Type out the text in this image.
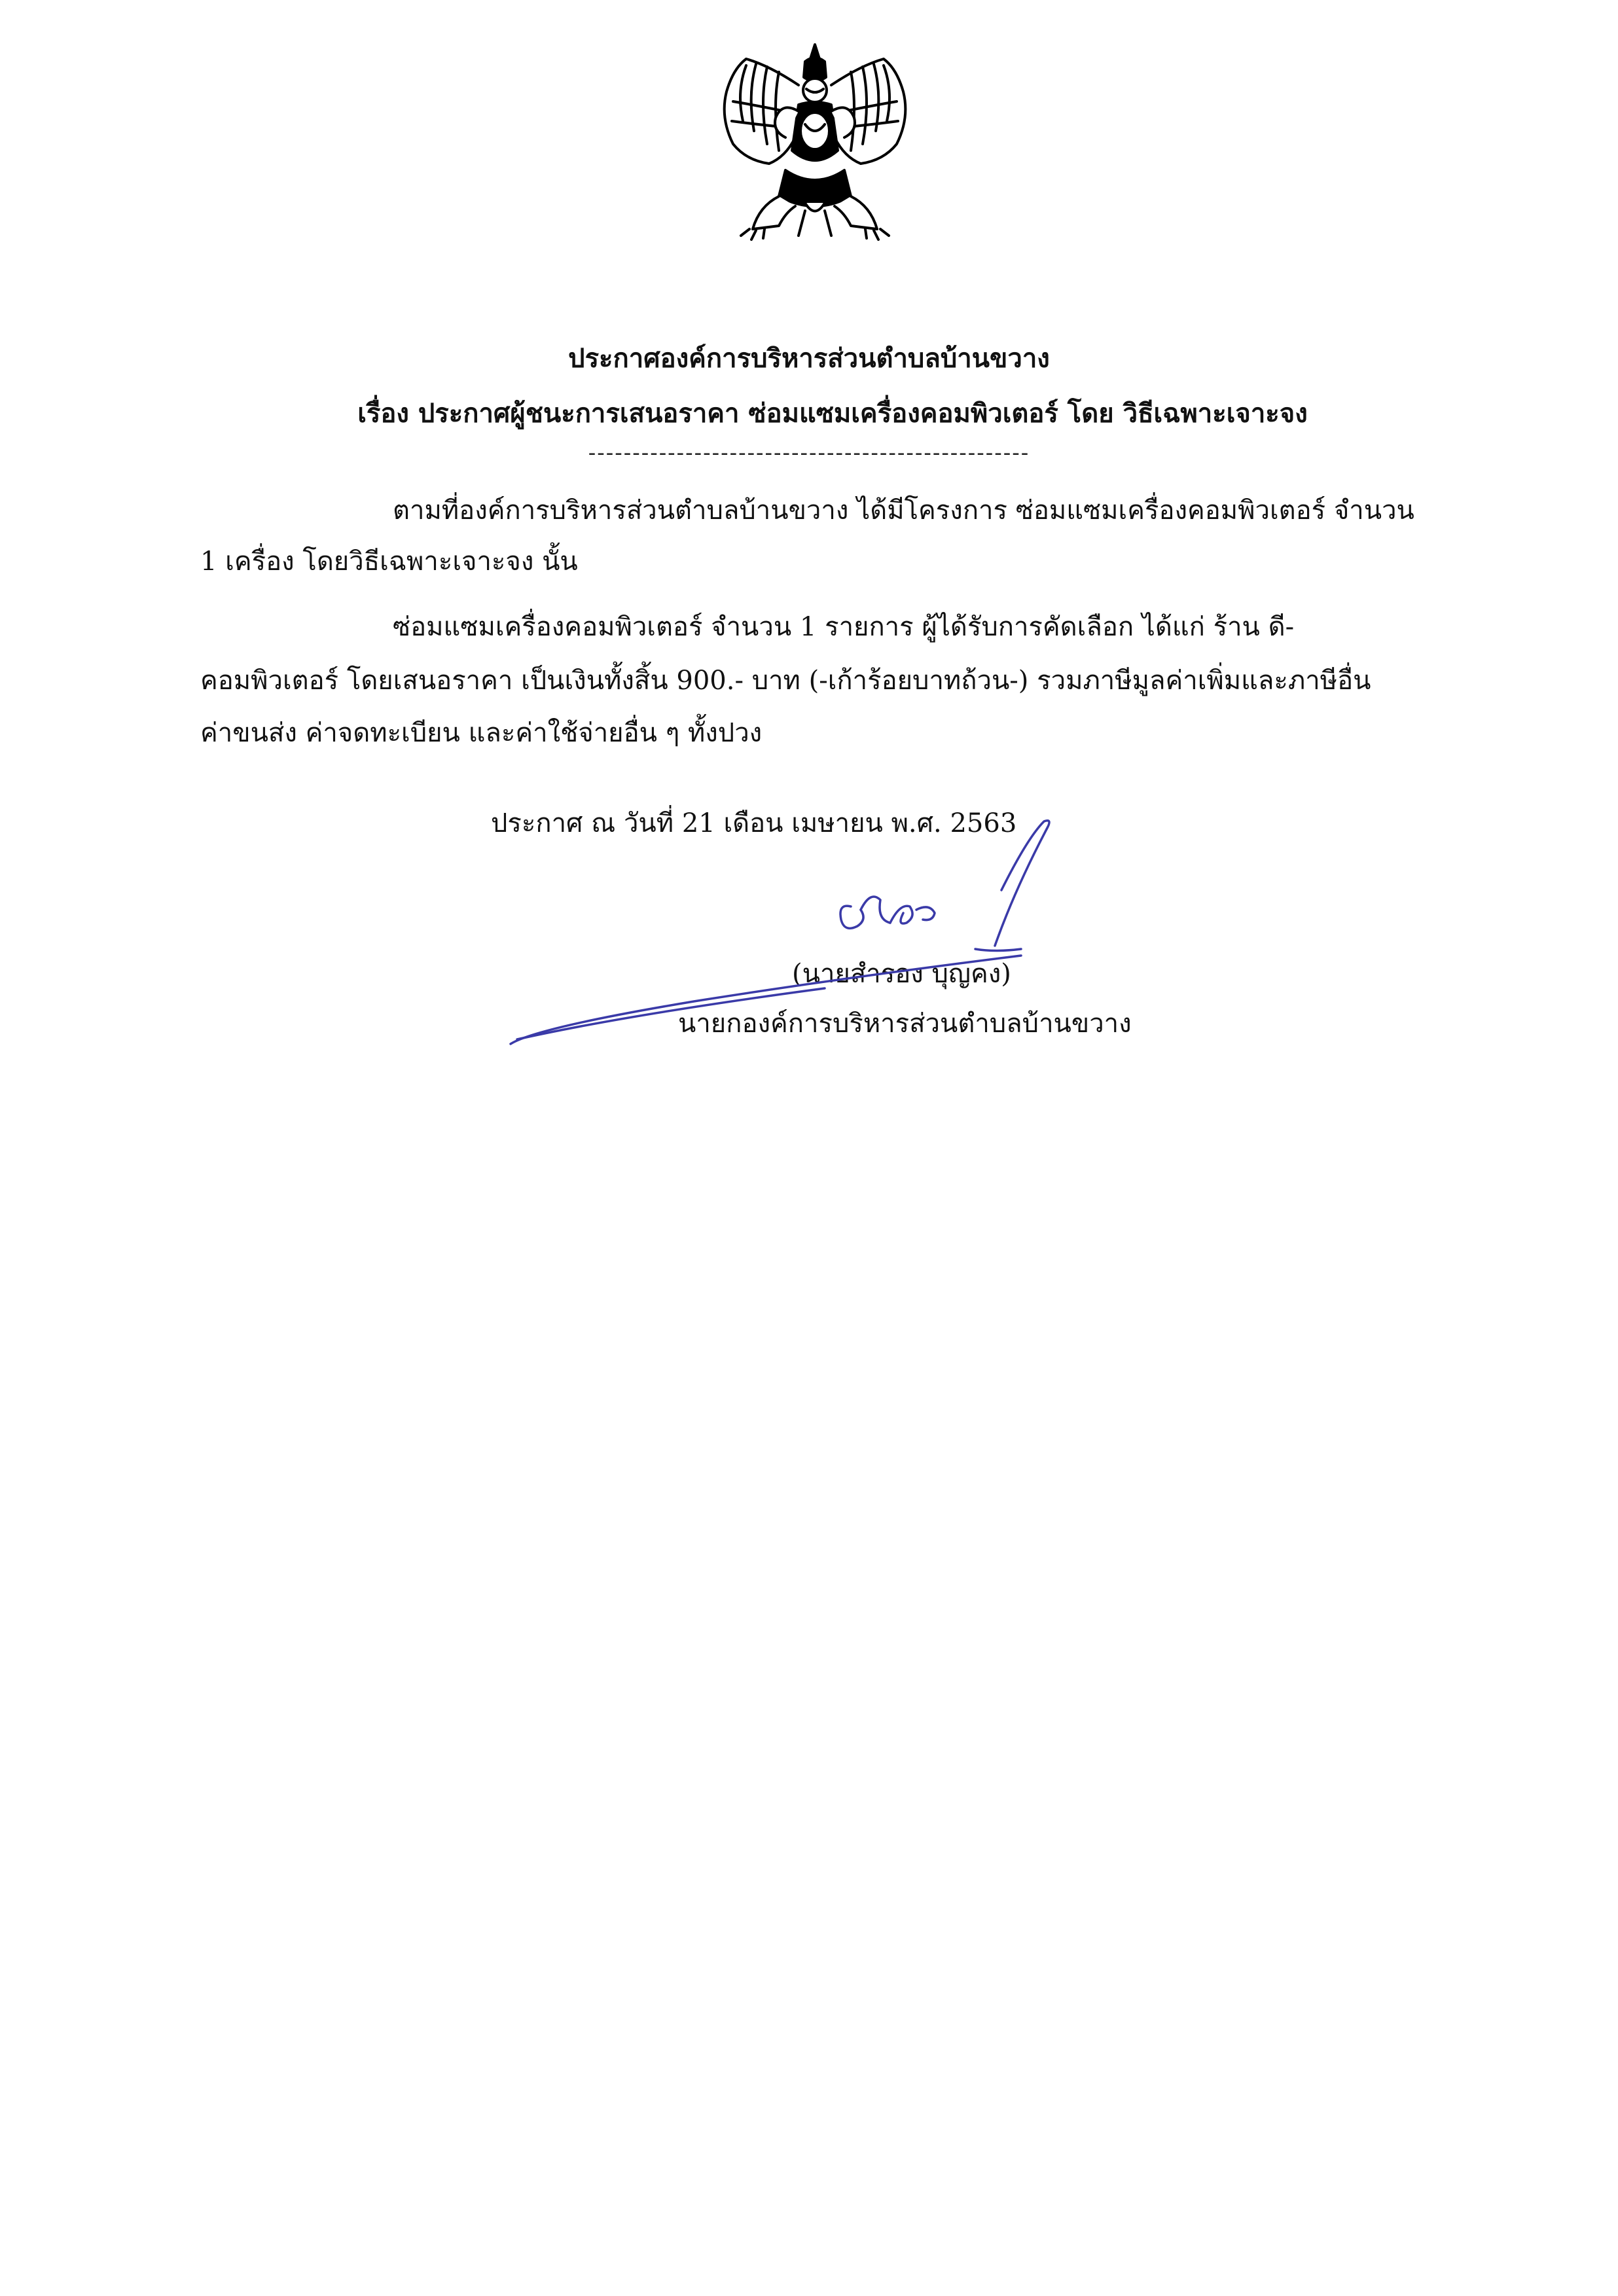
ประกาศองค์การบริหารส่วนตำบลบ้านขวาง
เรื่อง ประกาศผู้ชนะการเสนอราคา ซ่อมแซมเครื่องคอมพิวเตอร์ โดย วิธีเฉพาะเจาะจง
--------------------------------------------------
ตามที่องค์การบริหารส่วนตำบลบ้านขวาง ได้มีโครงการ ซ่อมแซมเครื่องคอมพิวเตอร์ จำนวน
1 เครื่อง โดยวิธีเฉพาะเจาะจง นั้น
ซ่อมแซมเครื่องคอมพิวเตอร์ จำนวน 1 รายการ ผู้ได้รับการคัดเลือก ได้แก่ ร้าน ดี-
คอมพิวเตอร์ โดยเสนอราคา เป็นเงินทั้งสิ้น 900.- บาท (-เก้าร้อยบาทถ้วน-) รวมภาษีมูลค่าเพิ่มและภาษีอื่น
ค่าขนส่ง ค่าจดทะเบียน และค่าใช้จ่ายอื่น ๆ ทั้งปวง
ประกาศ ณ วันที่ 21 เดือน เมษายน พ.ศ. 2563
(นายสำรอง บุญคง)
นายกองค์การบริหารส่วนตำบลบ้านขวาง
